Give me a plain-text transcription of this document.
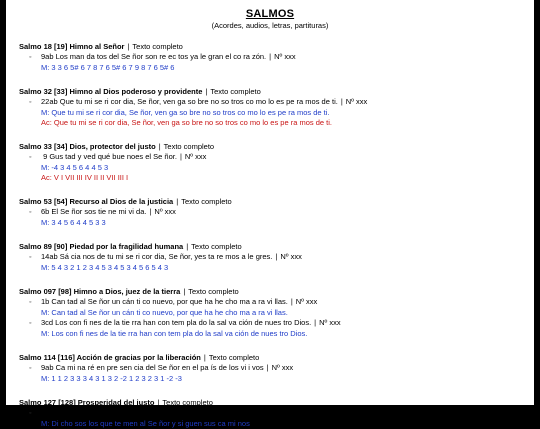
SALMOS
(Acordes, audios, letras, partituras)
Salmo 18 [19] Himno al Señor | Texto completo
◦ 9ab Los man da tos del Se ñor son re ec tos ya le gran el co ra zón. | Nº xxx
M: 3 3 6 5# 6 7 8 7 6 5# 6 7 9 8 7 6 5# 6
Salmo 32 [33] Himno al Dios poderoso y providente | Texto completo
◦ 22ab Que tu mi se ri cor dia, Se ñor, ven ga so bre no so tros co mo lo es pe ra mos de ti. | Nº xxx
M: Que tu mi se ri cor dia, Se ñor, ven ga so bre no so tros co mo lo es pe ra mos de ti.
Ac: Que tu mi se ri cor dia, Se ñor, ven ga so bre no so tros co mo lo es pe ra mos de ti.
Salmo 33 [34] Dios, protector del justo | Texto completo
◦ 9 Gus tad y ved qué bue noes el Se ñor. | Nº xxx
M: -4 3 4 5 6 4 4 5 3
Ac: V I VII III IV II II VII III I
Salmo 53 [54] Recurso al Dios de la justicia | Texto completo
◦ 6b El Se ñor sos tie ne mi vi da. | Nº xxx
M: 3 4 5 6 4 4 5 3 3
Salmo 89 [90] Piedad por la fragilidad humana | Texto completo
◦ 14ab Sá cia nos de tu mi se ri cor dia, Se ñor, yes ta re mos a le gres. | Nº xxx
M: 5 4 3 2 1 2 3 4 5 3 4 5 3 4 5 6 5 4 3
Salmo 097 [98] Himno a Dios, juez de la tierra | Texto completo
◦ 1b Can tad al Se ñor un cán ti co nuevo, por que ha he cho ma a ra vi llas. | Nº xxx
M: Can tad al Se ñor un cán ti co nuevo, por que ha he cho ma a ra vi llas.
◦ 3cd Los con fi nes de la tie rra han con tem pla do la sal va ción de nues tro Dios. | Nº xxx
M: Los con fi nes de la tie rra han con tem pla do la sal va ción de nues tro Dios.
Salmo 114 [116] Acción de gracias por la liberación | Texto completo
◦ 9ab Ca mi na ré en pre sen cia del Se ñor en el pa ís de los vi i vos | Nº xxx
M: 1 1 2 3 3 3 4 3 1 3 2 -2 1 2 3 2 3 1 -2 -3
Salmo 127 [128] Prosperidad del justo | Texto completo
◦ 1bc Di cho sos los que te men al Se ñor y si guen sus ca mi nos. | Nº xxx
M: Di cho sos los que te men al Se ñor y si guen sus ca mi nos
